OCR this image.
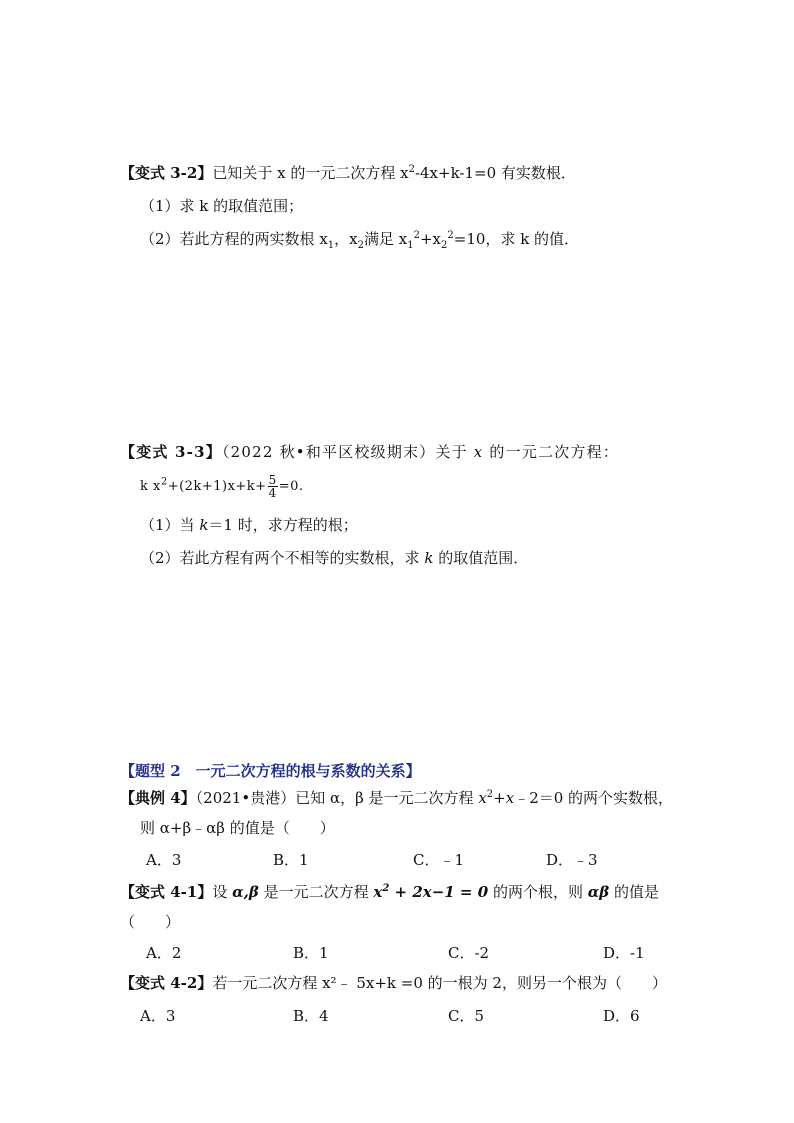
【变式 3-2】已知关于 x 的一元二次方程 $x^2-4x+k-1=0$ 有实数根．
（1）求 k 的取值范围；
（2）若此方程的两实数根 $x_1$，$x_2$满足 $x_1^2+x_2^2=10$，求 k 的值．
【变式 3-3】（2022 秋•和平区校级期末）关于 x 的一元二次方程：
k $x^2+(2k+1)x+k+ \frac{5}{4} =0$.
（1）当 k＝1 时，求方程的根；
（2）若此方程有两个不相等的实数根，求 k 的取值范围．
【题型 2　一元二次方程的根与系数的关系】
【典例 4】（2021•贵港）已知 α，β 是一元二次方程 $x^2+x﹣2=0$ 的两个实数根，
则 α+β﹣αβ 的值是（　　）
A．3	B．1	C．﹣1	D．﹣3
【变式 4-1】设 α,β 是一元二次方程 $x^2 + 2x-1 = 0$ 的两个根，则 αβ 的值是
（　　）
A．2	B．1	C．-2	D．-1
【变式 4-2】若一元二次方程 x²﹣ 5x+k =0 的一根为 2，则另一个根为（　　）
A．3	B．4	C．5	D．6
